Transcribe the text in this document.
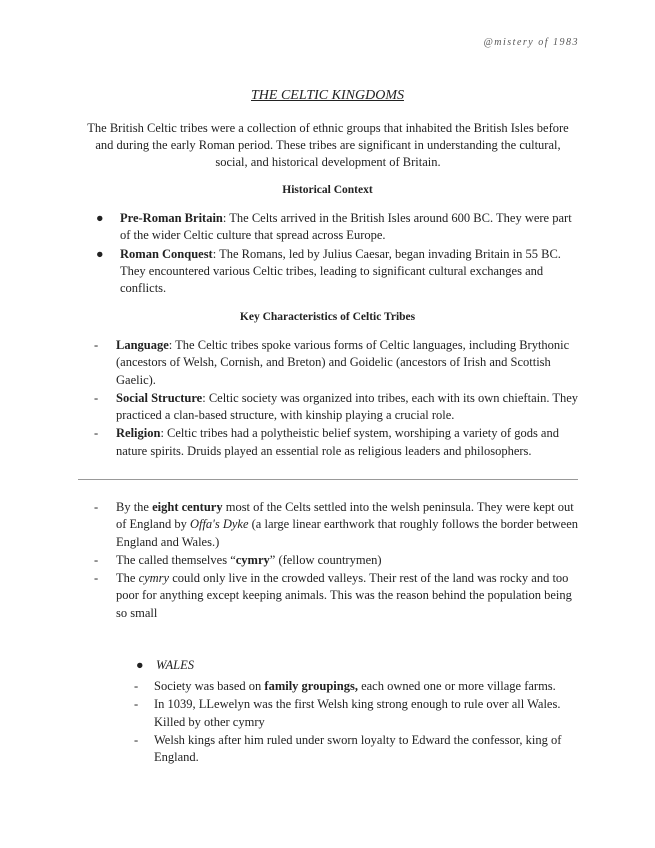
@mistery of 1983
THE CELTIC KINGDOMS
The British Celtic tribes were a collection of ethnic groups that inhabited the British Isles before and during the early Roman period. These tribes are significant in understanding the cultural, social, and historical development of Britain.
Historical Context
● Pre-Roman Britain: The Celts arrived in the British Isles around 600 BC. They were part of the wider Celtic culture that spread across Europe.
● Roman Conquest: The Romans, led by Julius Caesar, began invading Britain in 55 BC. They encountered various Celtic tribes, leading to significant cultural exchanges and conflicts.
Key Characteristics of Celtic Tribes
- Language: The Celtic tribes spoke various forms of Celtic languages, including Brythonic (ancestors of Welsh, Cornish, and Breton) and Goidelic (ancestors of Irish and Scottish Gaelic).
- Social Structure: Celtic society was organized into tribes, each with its own chieftain. They practiced a clan-based structure, with kinship playing a crucial role.
- Religion: Celtic tribes had a polytheistic belief system, worshiping a variety of gods and nature spirits. Druids played an essential role as religious leaders and philosophers.
- By the eight century most of the Celts settled into the welsh peninsula. They were kept out of England by Offa's Dyke (a large linear earthwork that roughly follows the border between England and Wales.)
- The called themselves “cymry” (fellow countrymen)
- The cymry could only live in the crowded valleys. Their rest of the land was rocky and too poor for anything except keeping animals. This was the reason behind the population being so small
● WALES
- Society was based on family groupings, each owned one or more village farms.
- In 1039, LLewelyn was the first Welsh king strong enough to rule over all Wales. Killed by other cymry
- Welsh kings after him ruled under sworn loyalty to Edward the confessor, king of England.
